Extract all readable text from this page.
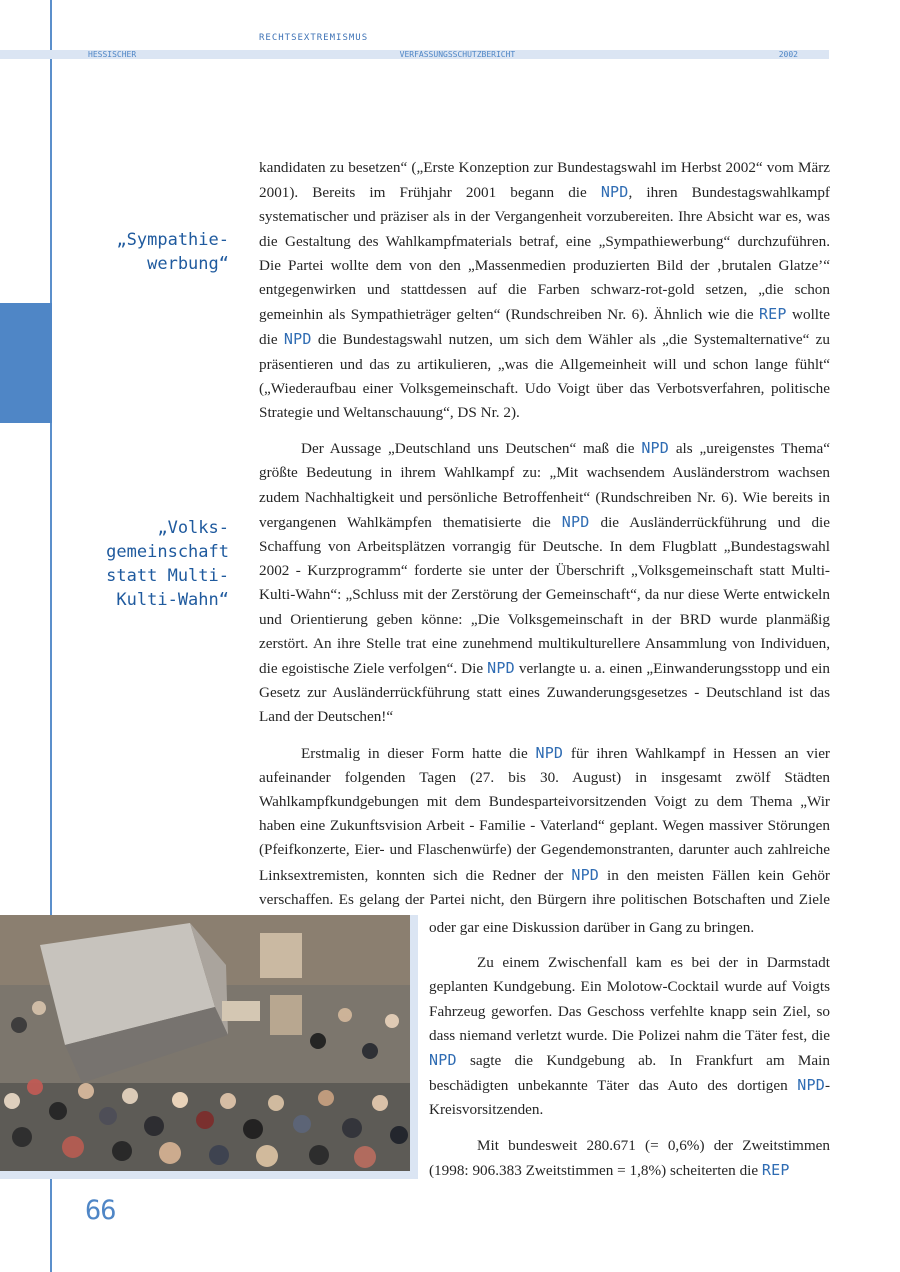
RECHTSEXTREMISMUS
HESSISCHER	VERFASSUNGSSCHUTZBERICHT	2002
„Sympathie-
werbung“
„Volks-
gemeinschaft
statt Multi-
Kulti-Wahn“

kandidaten zu besetzen“ („Erste Konzeption zur Bundestagswahl im Herbst 2002“ vom März 2001). Bereits im Frühjahr 2001 begann die NPD, ihren Bundestagswahlkampf systematischer und präziser als in der Vergangenheit vorzubereiten. Ihre Absicht war es, was die Gestaltung des Wahlkampfmaterials betraf, eine „Sympathiewerbung“ durchzuführen. Die Partei wollte dem von den „Massenmedien produzierten Bild der ‚brutalen Glatze’“ entgegenwirken und stattdessen auf die Farben schwarz-rot-gold setzen, „die schon gemeinhin als Sympathieträger gelten“ (Rundschreiben Nr. 6). Ähnlich wie die REP wollte die NPD die Bundestagswahl nutzen, um sich dem Wähler als „die Systemalternative“ zu präsentieren und das zu artikulieren, „was die Allgemeinheit will und schon lange fühlt“ („Wiederaufbau einer Volksgemeinschaft. Udo Voigt über das Verbotsverfahren, politische Strategie und Weltanschauung“, DS Nr. 2).

Der Aussage „Deutschland uns Deutschen“ maß die NPD als „ureigenstes Thema“ größte Bedeutung in ihrem Wahlkampf zu: „Mit wachsendem Ausländerstrom wachsen zudem Nachhaltigkeit und persönliche Betroffenheit“ (Rundschreiben Nr. 6). Wie bereits in vergangenen Wahlkämpfen thematisierte die NPD die Ausländerrückführung und die Schaffung von Arbeitsplätzen vorrangig für Deutsche. In dem Flugblatt „Bundestagswahl 2002 - Kurzprogramm“ forderte sie unter der Überschrift „Volksgemeinschaft statt Multi-Kulti-Wahn“: „Schluss mit der Zerstörung der Gemeinschaft“, da nur diese Werte entwickeln und Orientierung geben könne: „Die Volksgemeinschaft in der BRD wurde planmäßig zerstört. An ihre Stelle trat eine zunehmend multikulturellere Ansammlung von Individuen, die egoistische Ziele verfolgen“. Die NPD verlangte u. a. einen „Einwanderungsstopp und ein Gesetz zur Ausländerrückführung statt eines Zuwanderungsgesetzes - Deutschland ist das Land der Deutschen!“

Erstmalig in dieser Form hatte die NPD für ihren Wahlkampf in Hessen an vier aufeinander folgenden Tagen (27. bis 30. August) in insgesamt zwölf Städten Wahlkampfkundgebungen mit dem Bundesparteivorsitzenden Voigt zu dem Thema „Wir haben eine Zukunftsvision Arbeit - Familie - Vaterland“ geplant. Wegen massiver Störungen (Pfeifkonzerte, Eier- und Flaschenwürfe) der Gegendemonstranten, darunter auch zahlreiche Linksextremisten, konnten sich die Redner der NPD in den meisten Fällen kein Gehör verschaffen. Es gelang der Partei nicht, den Bürgern ihre politischen Botschaften und Ziele

oder gar eine Diskussion darüber in Gang zu bringen.

Zu einem Zwischenfall kam es bei der in Darmstadt geplanten Kundgebung. Ein Molotow-Cocktail wurde auf Voigts Fahrzeug geworfen. Das Geschoss verfehlte knapp sein Ziel, so dass niemand verletzt wurde. Die Polizei nahm die Täter fest, die NPD sagte die Kundgebung ab. In Frankfurt am Main beschädigten unbekannte Täter das Auto des dortigen NPD-Kreisvorsitzenden.

Mit bundesweit 280.671 (= 0,6%) der Zweitstimmen (1998: 906.383 Zweitstimmen = 1,8%) scheiterten die REP

66
